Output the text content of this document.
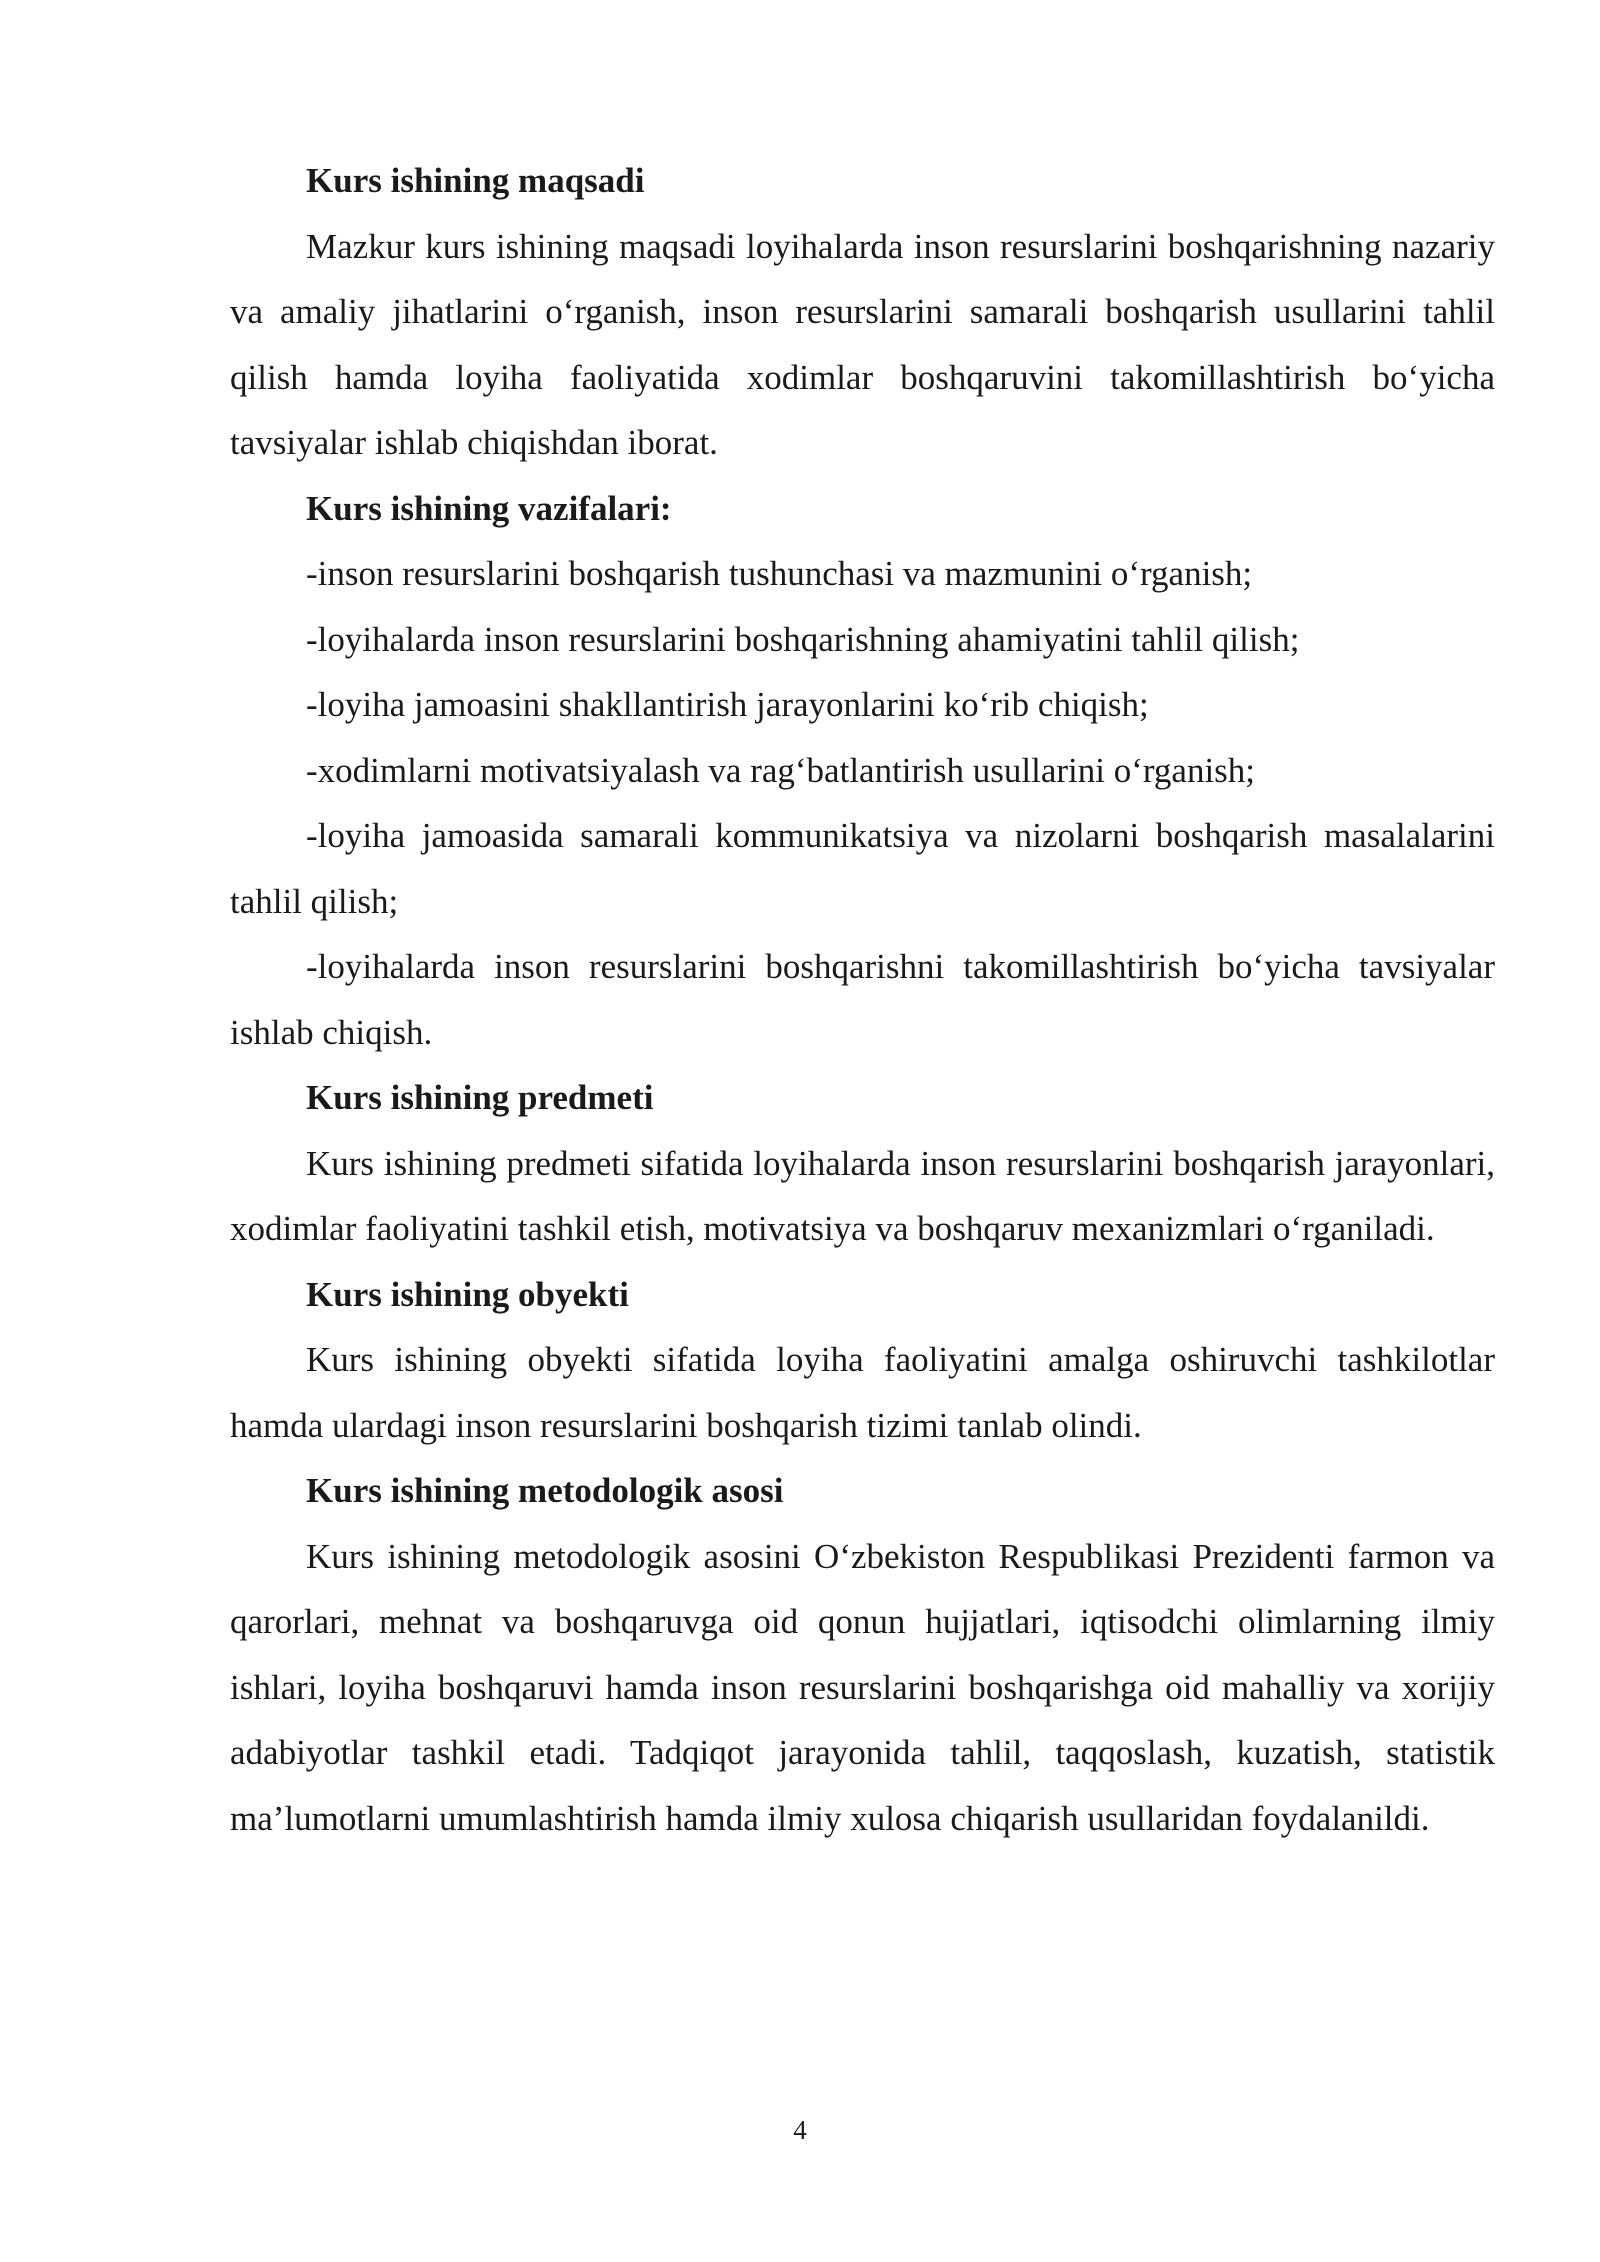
Kurs ishining maqsadi

Mazkur kurs ishining maqsadi loyihalarda inson resurslarini boshqarishning nazariy va amaliy jihatlarini o‘rganish, inson resurslarini samarali boshqarish usullarini tahlil qilish hamda loyiha faoliyatida xodimlar boshqaruvini takomillashtirish bo‘yicha tavsiyalar ishlab chiqishdan iborat.

Kurs ishining vazifalari:

-inson resurslarini boshqarish tushunchasi va mazmunini o‘rganish;

-loyihalarda inson resurslarini boshqarishning ahamiyatini tahlil qilish;

-loyiha jamoasini shakllantirish jarayonlarini ko‘rib chiqish;

-xodimlarni motivatsiyalash va rag‘batlantirish usullarini o‘rganish;

-loyiha jamoasida samarali kommunikatsiya va nizolarni boshqarish masalalarini tahlil qilish;

-loyihalarda inson resurslarini boshqarishni takomillashtirish bo‘yicha tavsiyalar ishlab chiqish.

Kurs ishining predmeti

Kurs ishining predmeti sifatida loyihalarda inson resurslarini boshqarish jarayonlari, xodimlar faoliyatini tashkil etish, motivatsiya va boshqaruv mexanizmlari o‘rganiladi.

Kurs ishining obyekti

Kurs ishining obyekti sifatida loyiha faoliyatini amalga oshiruvchi tashkilotlar hamda ulardagi inson resurslarini boshqarish tizimi tanlab olindi.

Kurs ishining metodologik asosi

Kurs ishining metodologik asosini O‘zbekiston Respublikasi Prezidenti farmon va qarorlari, mehnat va boshqaruvga oid qonun hujjatlari, iqtisodchi olimlarning ilmiy ishlari, loyiha boshqaruvi hamda inson resurslarini boshqarishga oid mahalliy va xorijiy adabiyotlar tashkil etadi. Tadqiqot jarayonida tahlil, taqqoslash, kuzatish, statistik ma’lumotlarni umumlashtirish hamda ilmiy xulosa chiqarish usullaridan foydalanildi.

4
